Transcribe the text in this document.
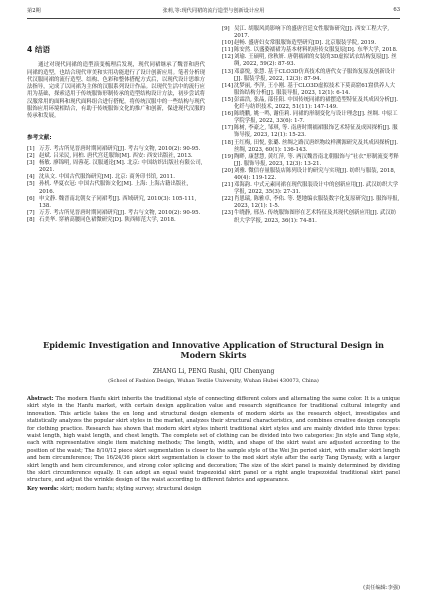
第2期	张莉,等:现代同裙的流行造型与创新设计应用	63
4 结语

通过对现代同裙的造型演变梳理后发现，现代同裙继承了魏晋和唐代同裙的造型，也结合现代审美和实用功能进行了设计创新应用。笔者分析现代汉服同裙的流行造型、结构、色彩和整体搭配方式后，以现代设计思维方法指导，完成了以同裙为主体的汉服系列设计作品。以现代生活中的流行应用为基础，探索适用于传统服饰形制传承的造型结构设计方法，初步尝试将汉服常用的面料和现代面料组合进行搭配，将传统汉服中的一些结构与现代服饰应用环境相结合，有助于传统服饰文化的推广和创新，保进现代汉服的传承和发展。

参考文献:
[1] 万芳. 考古所见晋唐时期同裙研究[J]. 考古与文物, 2010(2): 90-95.
[2] 赵斌. 吕采民, 同柏. 唐代宫廷服饰[M]. 西安: 西安出版社, 2013.
[3] 杨敏. 廖锦明, 周蓉花. 汉服通论[M]. 北京: 中国纺织出版社有限公司, 2021.
[4] 沈从文. 中国古代服饰研究[M]. 北京: 商务印书馆, 2011.
[5] 孙机. 华夏衣冠: 中国古代服饰文化[M]. 上海: 上海古籍出版社, 2016.
[6] 申文静. 魏晋南北朝女子同裙考[J]. 西域研究, 2010(3): 105-111, 138.
[7] 万芳. 考古所见晋唐时期同裙研究[J]. 考古与文物, 2010(2): 90-95.
[8] 石美华. 穿衲高腰同色裙微研究[D]. 陕西师范大学, 2018.
[9] 吴江. 胡服风尚影响下的盛唐宫廷女性服饰研究[J]. 西安工程大学, 2017.
[10] 赵畅. 盛唐妇女常服服饰造型研究[D]. 北京服装学院, 2019.
[11] 陈安然. 以盛姿襦裙为基本材料的唐传女服复原[D]. 东华大学, 2018.
[12] 刘瑜. 王硕明, 徐秋妍. 唐朝襦裙的女装的3D虚拟试衣结构复原[J]. 丝绸, 2022, 59(2): 87-93.
[13] 邓嘉悦, 张慧. 基于CLO3D仿真技术的唐代女子服饰复原及创新设计[J]. 服装学报, 2022, 12(3): 87-94.
[14] 沈梦丽, 李洋, 王小刚. 基于CLO3D虚拟技术下莫高窟61窟供养人大服饰结构分析[J]. 服装导报, 2023, 12(1): 6-14.
[15] 彭霖浩, 张晶, 邵佳阳. 中国传统同裙的裙摆造型特征及其成因分析[J]. 化纤与纺织技术, 2022, 51(11): 147-149.
[16] 陈晓鹏, 姚一鸣, 谢佳莉. 同裙的形制变化与设计理念[J]. 丝绸. 中原工学院学报, 2022, 33(6): 1-7.
[17] 陈树, 李豪之, 邹琪, 等. 南唐时期襦裙服饰艺术特征及成因探析[J]. 服饰导报, 2023, 12(1): 15-23.
[18] 王红梅, 田悦, 张璐. 丝绸之路汉唐织物纹样溯源研究及其成因探析[J]. 丝绸, 2023, 60(1): 136-143.
[19] 陶畔, 康慧慧, 黄红萍, 等. 两汉魏晋南北朝服饰与“社衣”形制流变考释[J]. 服饰导报, 2023, 12(3): 13-21.
[20] 刘雅. 微信存量服装店陈列设计的研究与实现[J]. 纺织与服装, 2018, 40(4): 119-122.
[21] 邓海韵. 中式元素同裙在现代服装设计中的创新应用[J]. 武汉纺织大学学报, 2022, 35(3): 27-31.
[22] 肖恩瑞, 陈雅卓, 李佑. 等. 楚地编衣服装数字化复原研究[J]. 服饰导报, 2023, 12(1): 1-5.
[23] 牛晓静, 邢丛. 传统服饰图形在艺术特征及其现代创新应用[J]. 武汉纺织大学学报, 2023, 36(1): 74-81.

Epidemic Investigation and Innovative Application of Structural Design in Modern Skirts

ZHANG Li, PENG Rushi, QIU Chenyang

(School of Fashion Design, Wuhan Textile University, Wuhan Hubei 430073, China)

Abstract: The modern Hanfu skirt inherits the traditional style of connecting different colors and alternating the same color. It is a unique skirt style in the Hanfu market, with certain design application value and research significance for traditional cultural integrity and innovation. This article takes the en long and structural design elements of modern skirts as the research object, investigates and statistically analyzes the popular skirt styles in the market, analyzes their structural characteristics, and combines creative design concepts for clothing practice. Research has shown that modern skirt styles inherit traditional skirt styles and are mainly divided into three types: waist length, high waist length, and chest length. The complete set of clothing can be divided into two categories: Jin style and Tang style, each with representative single item matching methods; The length, width, and shape of the skirt waist are adjusted according to the position of the waist; The 8/10/12 piece skirt segmentation is closer to the sample style of the Wei Jin period skirt, with smaller skirt length and hem circumference; The 16/24/36 piece skirt segmentation is closer to the mod skirt style after the early Tang Dynasty, with a larger skirt length and hem circumference, and strong color splicing and decoration; The size of the skirt panel is mainly determined by dividing the skirt circumference equally. It can adopt an equal waist trapezoidal skirt panel or a right angle trapezoidal traditional skirt panel structure, and adjust the wrinkle design of the waist according to different fabrics and appearance.

Key words: skirt; modern hanfu; styling survey; structural design

(责任编辑:李强)
